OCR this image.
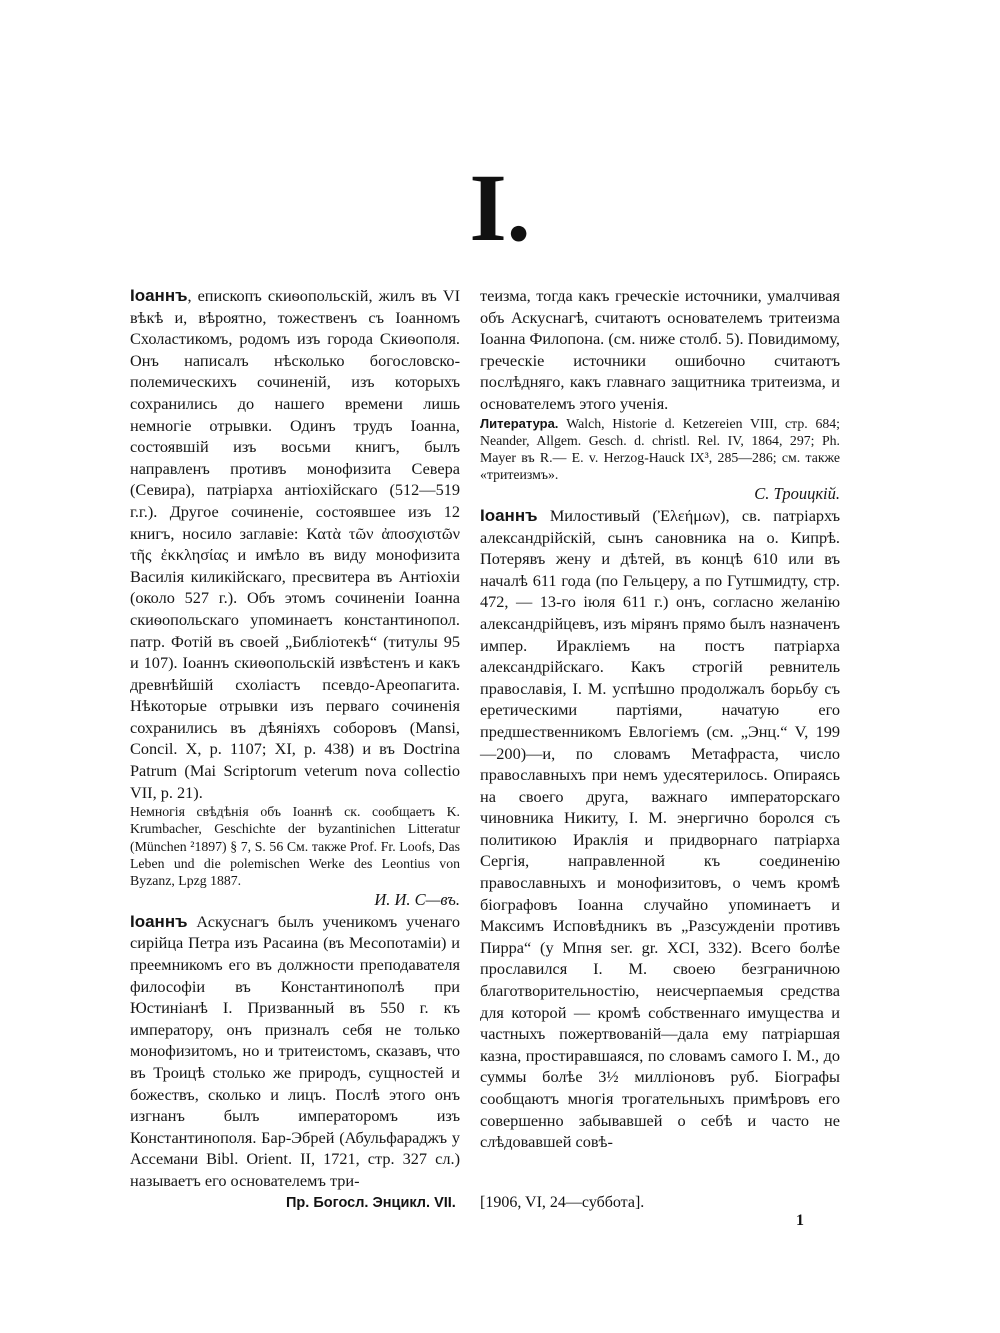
I.

Іоаннъ, епископъ скиѳопольскій, жилъ въ VI вѣкѣ и, вѣроятно, тожественъ съ Іоанномъ Схоластикомъ, родомъ изъ города Скиѳополя. Онъ написалъ нѣсколько богословско-полемическихъ сочиненій, изъ которыхъ сохранились до нашего времени лишь немногіе отрывки. Одинъ трудъ Іоанна, состоявшій изъ восьми книгъ, былъ направленъ противъ монофизита Севера (Севира), патріарха антіохійскаго (512—519 г.г.). Другое сочиненіе, состоявшее изъ 12 книгъ, носило заглавіе: Κατὰ τῶν ἀποσχιστῶν τῆς ἐκκλησίας и имѣло въ виду монофизита Василія киликійскаго, пресвитера въ Антіохіи (около 527 г.). Объ этомъ сочиненіи Іоанна скиѳопольскаго упоминаетъ константинопол. патр. Фотій въ своей „Библіотекѣ“ (титулы 95 и 107). Іоаннъ скиѳопольскій извѣстенъ и какъ древнѣйшій схоліастъ псевдо-Ареопагита. Нѣкоторые отрывки изъ перваго сочиненія сохранились въ дѣяніяхъ соборовъ (Mansi, Concil. X, p. 1107; XI, p. 438) и въ Doctrina Patrum (Mai Scriptorum veterum nova collectio VII, p. 21).

Немногія свѣдѣнія объ Іоаннѣ ск. сообщаетъ K. Krumbacher, Geschichte der byzantinichen Litteratur (München ²1897) § 7, S. 56 См. также Prof. Fr. Loofs, Das Leben und die polemischen Werke des Leontius von Byzanz, Lpzg 1887.

И. И. С—въ.

Іоаннъ Аскуснагъ былъ ученикомъ ученаго сирійца Петра изъ Расаина (въ Месопотаміи) и преемникомъ его въ должности преподавателя философіи въ Константинополѣ при Юстиніанѣ I. Призванный въ 550 г. къ императору, онъ призналъ себя не только монофизитомъ, но и тритеистомъ, сказавъ, что въ Троицѣ столько же природъ, сущностей и божествъ, сколько и лицъ. Послѣ этого онъ изгнанъ былъ императоромъ изъ Константинополя. Бар-Эбрей (Абульфараджъ у Ассемани Bibl. Orient. II, 1721, стр. 327 сл.) называетъ его основателемъ три-

теизма, тогда какъ греческіе источники, умалчивая объ Аскуснагѣ, считаютъ основателемъ тритеизма Іоанна Филопона. (см. ниже столб. 5). Повидимому, греческіе источники ошибочно считаютъ послѣдняго, какъ главнаго защитника тритеизма, и основателемъ этого ученія.

Литература. Walch, Historie d. Ketzereien VIII, стр. 684; Neander, Allgem. Gesch. d. christl. Rel. IV, 1864, 297; Ph. Mayer въ R.— E. v. Herzog-Hauck IX³, 285—286; см. также «тритеизмъ».

С. Троицкій.

Іоаннъ Милостивый (Ἐλεήμων), св. патріархъ александрійскій, сынъ сановника на о. Кипрѣ. Потерявъ жену и дѣтей, въ концѣ 610 или въ началѣ 611 года (по Гельцеру, а по Гутшмидту, стр. 472, — 13-го іюля 611 г.) онъ, согласно желанію александрійцевъ, изъ мірянъ прямо былъ назначенъ импер. Иракліемъ на постъ патріарха александрійскаго. Какъ строгій ревнитель православія, I. M. успѣшно продолжалъ борьбу съ еретическими партіями, начатую его предшественникомъ Евлогіемъ (см. „Энц.“ V, 199—200)—и, по словамъ Метафраста, число православныхъ при немъ удесятерилось. Опираясь на своего друга, важнаго императорскаго чиновника Никиту, I. M. энергично боролся съ политикою Ираклія и придворнаго патріарха Сергія, направленной къ соединенію православныхъ и монофизитовъ, о чемъ кромѣ біографовъ Іоанна случайно упоминаетъ и Максимъ Исповѣдникъ въ „Разсужденіи противъ Пирра“ (у Мпня ser. gr. XCI, 332). Всего болѣе прославился I. M. своею безграничною благотворительностію, неисчерпаемыя средства для которой — кромѣ собственнаго имущества и частныхъ пожертвованій—дала ему патріаршая казна, простиравшаяся, по словамъ самого I. M., до суммы болѣе 3½ милліоновъ руб. Біографы сообщаютъ многія трогательныхъ примѣровъ его совершенно забывавшей о себѣ и часто не слѣдовавшей совѣ-

Пр. Богосл. Энцикл. VII. [1906, VI, 24—суббота].
1
